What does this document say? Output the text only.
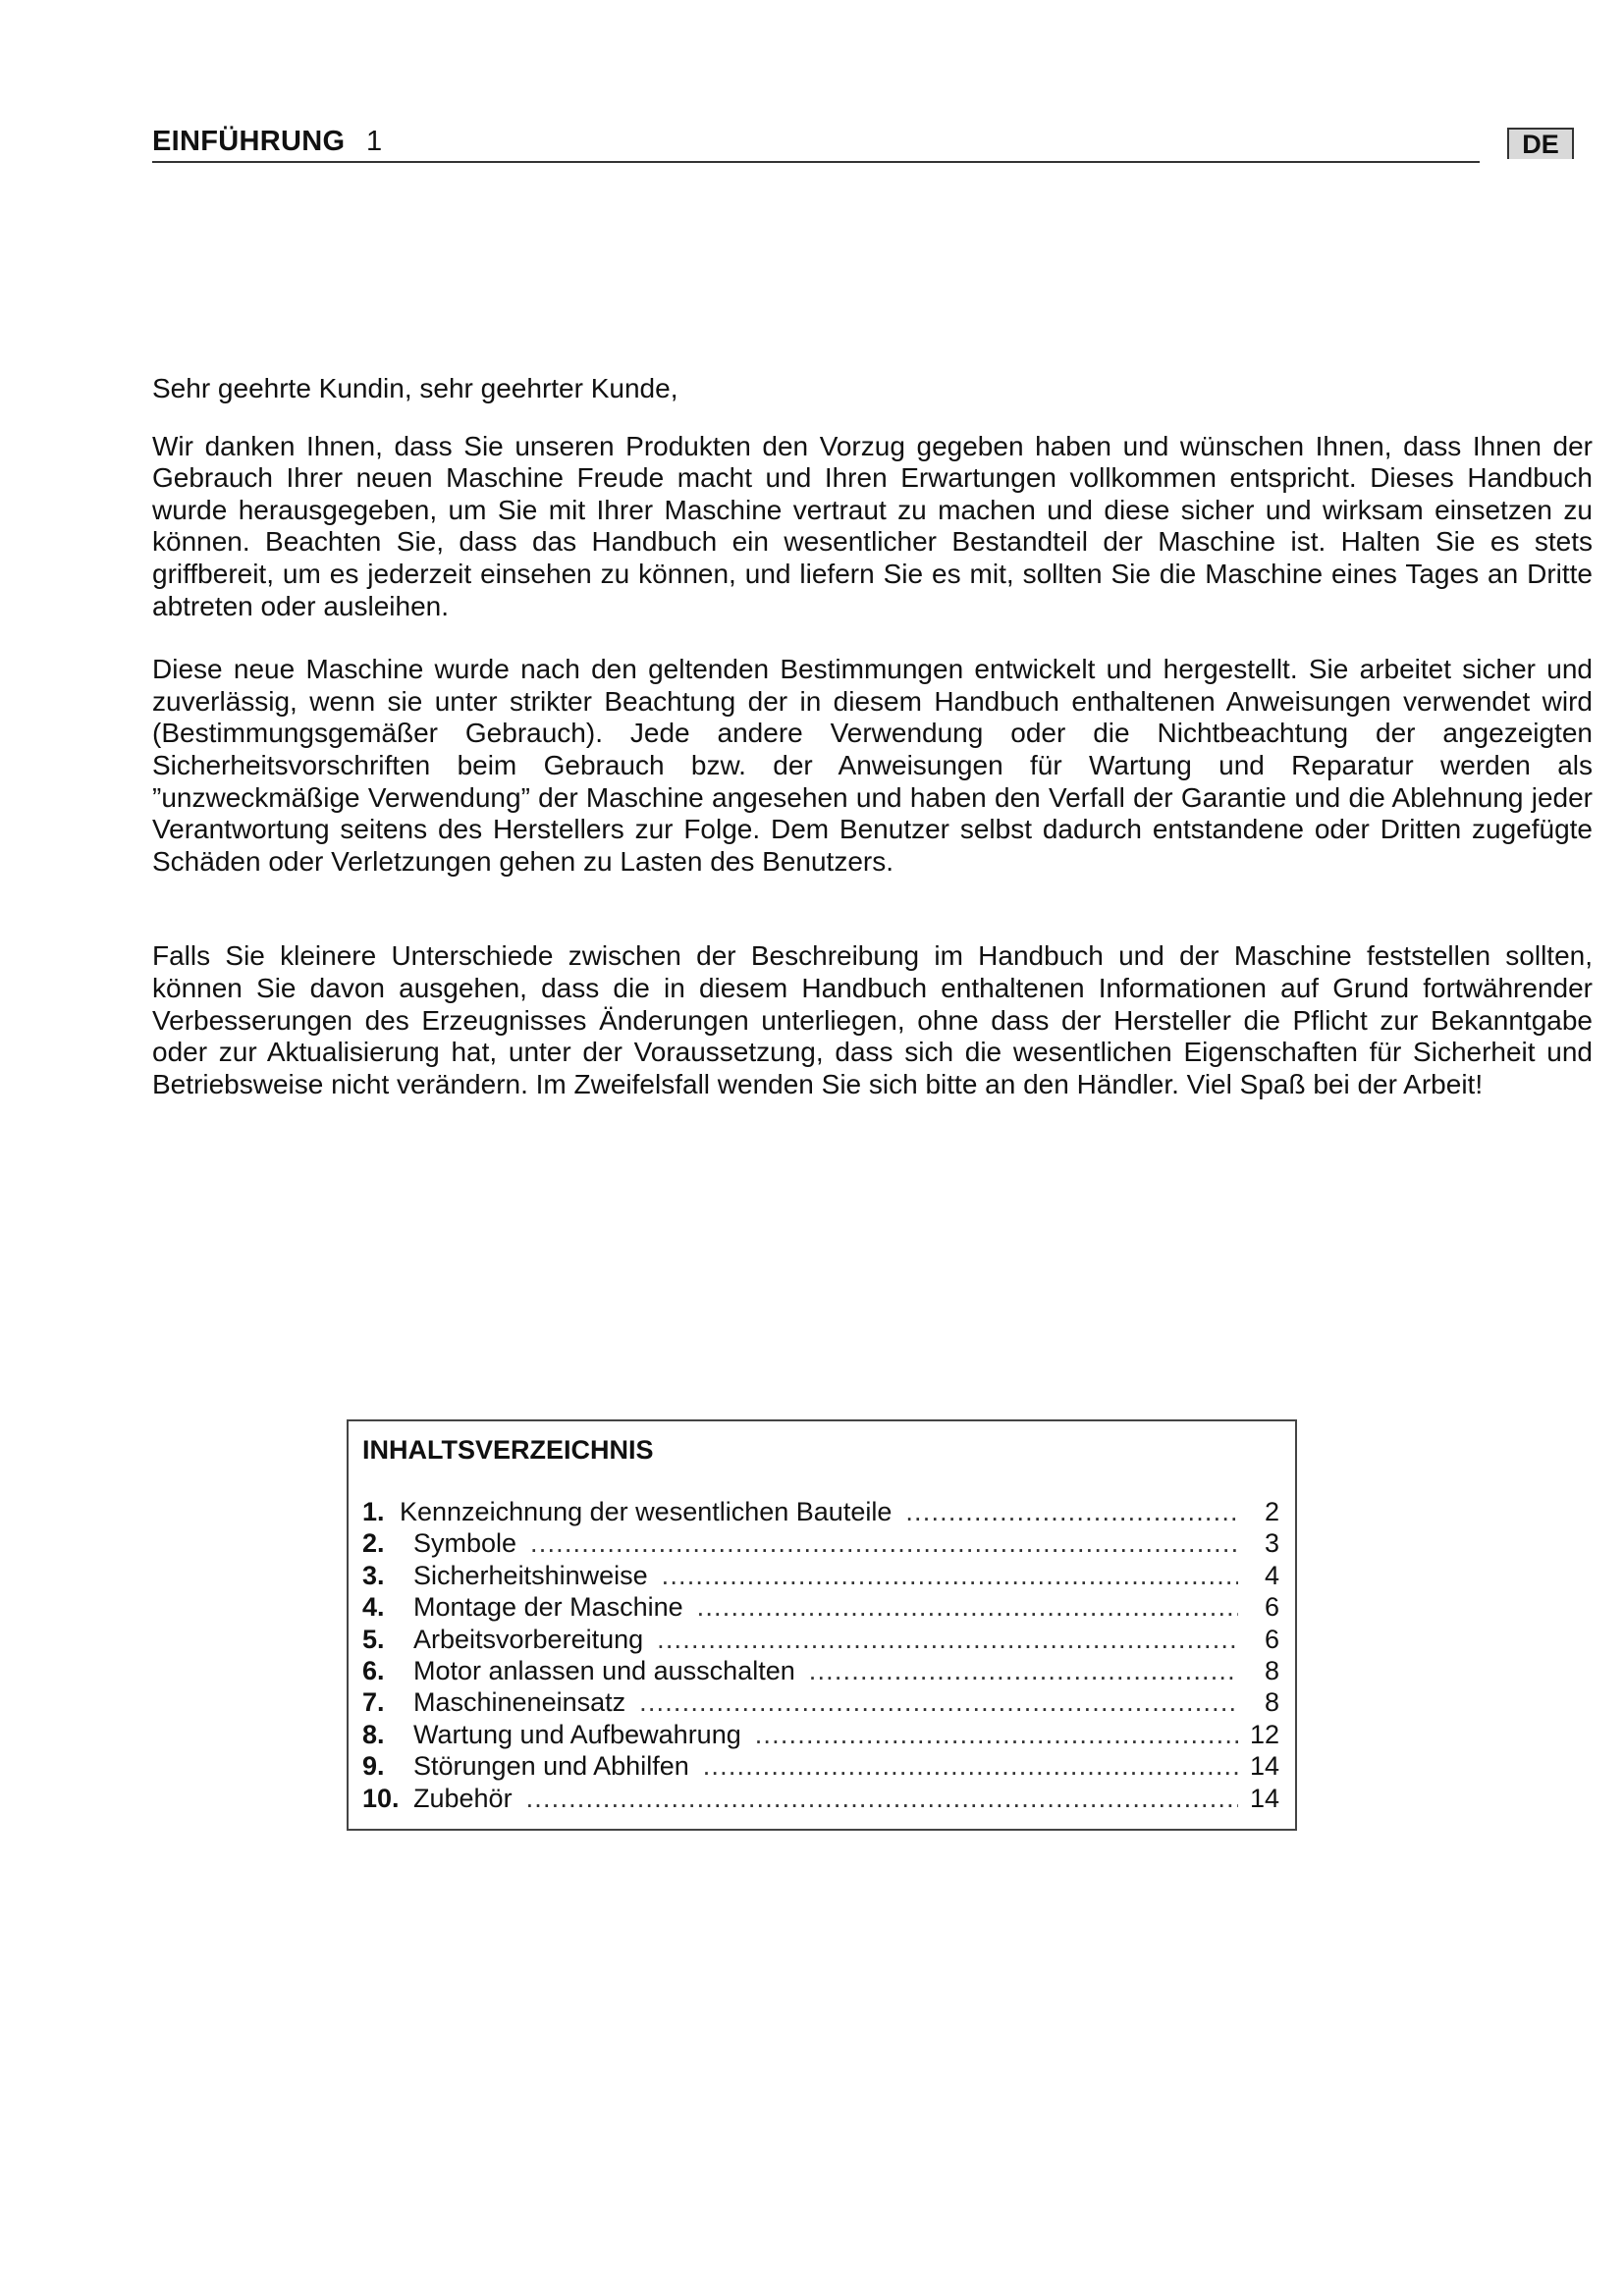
EINFÜHRUNG 1	DE

Sehr geehrte Kundin, sehr geehrter Kunde,

Wir danken Ihnen, dass Sie unseren Produkten den Vorzug gegeben haben und wünschen Ihnen, dass Ihnen der Gebrauch Ihrer neuen Maschine Freude macht und Ihren Erwartungen vollkommen entspricht. Dieses Handbuch wurde herausgegeben, um Sie mit Ihrer Maschine vertraut zu machen und diese sicher und wirksam einsetzen zu können. Beachten Sie, dass das Handbuch ein wesentlicher Bestandteil der Maschine ist. Halten Sie es stets griffbereit, um es jederzeit einsehen zu können, und liefern Sie es mit, sollten Sie die Maschine eines Tages an Dritte abtreten oder ausleihen.

Diese neue Maschine wurde nach den geltenden Bestimmungen entwickelt und hergestellt. Sie arbeitet sicher und zuverlässig, wenn sie unter strikter Beachtung der in diesem Handbuch enthaltenen Anweisungen verwendet wird (Bestimmungsgemäßer Gebrauch). Jede andere Verwendung oder die Nichtbeachtung der angezeigten Sicherheitsvorschriften beim Gebrauch bzw. der Anweisungen für Wartung und Reparatur werden als ”unzweckmäßige Verwendung” der Maschine angesehen und haben den Verfall der Garantie und die Ablehnung jeder Verantwortung seitens des Herstellers zur Folge. Dem Benutzer selbst dadurch entstandene oder Dritten zugefügte Schäden oder Verletzungen gehen zu Lasten des Benutzers.

Falls Sie kleinere Unterschiede zwischen der Beschreibung im Handbuch und der Maschine feststellen sollten, können Sie davon ausgehen, dass die in diesem Handbuch enthaltenen Informationen auf Grund fortwährender Verbesserungen des Erzeugnisses Änderungen unterliegen, ohne dass der Hersteller die Pflicht zur Bekanntgabe oder zur Aktualisierung hat, unter der Voraussetzung, dass sich die wesentlichen Eigenschaften für Sicherheit und Betriebsweise nicht verändern. Im Zweifelsfall wenden Sie sich bitte an den Händler. Viel Spaß bei der Arbeit!

INHALTSVERZEICHNIS
1. Kennzeichnung der wesentlichen Bauteile .....	2
2.	Symbole .....	3
3.	Sicherheitshinweise .....	4
4.	Montage der Maschine .....	6
5.	Arbeitsvorbereitung .....	6
6.	Motor anlassen und ausschalten .....	8
7.	Maschineneinsatz .....	8
8.	Wartung und Aufbewahrung .....	12
9.	Störungen und Abhilfen .....	14
10. Zubehör .....	14
